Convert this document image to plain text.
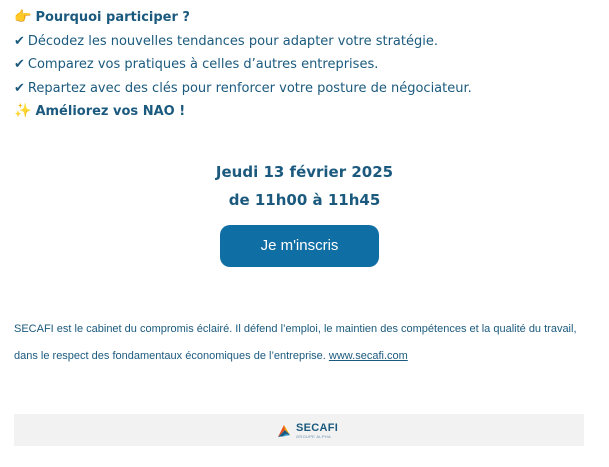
👉 Pourquoi participer ?
✔ Décodez les nouvelles tendances pour adapter votre stratégie.
✔ Comparez vos pratiques à celles d’autres entreprises.
✔ Repartez avec des clés pour renforcer votre posture de négociateur.
✨ Améliorez vos NAO !
Jeudi 13 février 2025
de 11h00 à 11h45
Je m'inscris
SECAFI est le cabinet du compromis éclairé. Il défend l’emploi, le maintien des compétences et la qualité du travail, dans le respect des fondamentaux économiques de l’entreprise. www.secafi.com
SECAFI
GROUPE ALPHA
